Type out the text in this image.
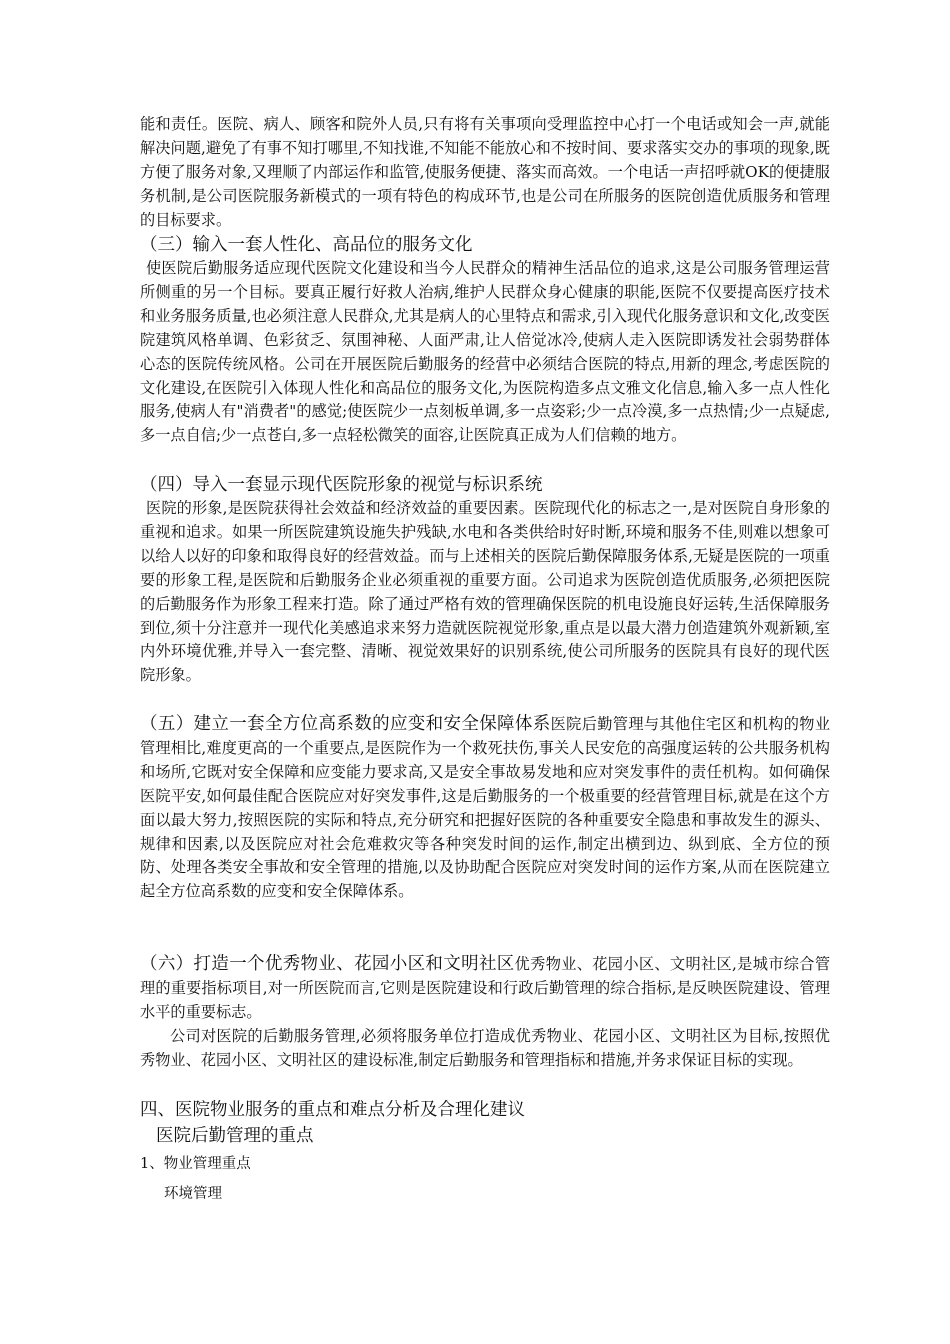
能和责任。医院、病人、顾客和院外人员,只有将有关事项向受理监控中心打一个电话或知会一声,就能解决问题,避免了有事不知打哪里,不知找谁,不知能不能放心和不按时间、要求落实交办的事项的现象,既方便了服务对象,又理顺了内部运作和监管,使服务便捷、落实而高效。一个电话一声招呼就OK的便捷服务机制,是公司医院服务新模式的一项有特色的构成环节,也是公司在所服务的医院创造优质服务和管理的目标要求。

（三）输入一套人性化、高品位的服务文化

使医院后勤服务适应现代医院文化建设和当今人民群众的精神生活品位的追求,这是公司服务管理运营所侧重的另一个目标。要真正履行好救人治病,维护人民群众身心健康的职能,医院不仅要提高医疗技术和业务服务质量,也必须注意人民群众,尤其是病人的心里特点和需求,引入现代化服务意识和文化,改变医院建筑风格单调、色彩贫乏、氛围神秘、人面严肃,让人倍觉冰冷,使病人走入医院即诱发社会弱势群体心态的医院传统风格。公司在开展医院后勤服务的经营中必须结合医院的特点,用新的理念,考虑医院的文化建设,在医院引入体现人性化和高品位的服务文化,为医院构造多点文雅文化信息,输入多一点人性化服务,使病人有"消费者"的感觉;使医院少一点刻板单调,多一点姿彩;少一点冷漠,多一点热情;少一点疑虑,多一点自信;少一点苍白,多一点轻松微笑的面容,让医院真正成为人们信赖的地方。

（四）导入一套显示现代医院形象的视觉与标识系统

医院的形象,是医院获得社会效益和经济效益的重要因素。医院现代化的标志之一,是对医院自身形象的重视和追求。如果一所医院建筑设施失护残缺,水电和各类供给时好时断,环境和服务不佳,则难以想象可以给人以好的印象和取得良好的经营效益。而与上述相关的医院后勤保障服务体系,无疑是医院的一项重要的形象工程,是医院和后勤服务企业必须重视的重要方面。公司追求为医院创造优质服务,必须把医院的后勤服务作为形象工程来打造。除了通过严格有效的管理确保医院的机电设施良好运转,生活保障服务到位,须十分注意并一现代化美感追求来努力造就医院视觉形象,重点是以最大潜力创造建筑外观新颖,室内外环境优雅,并导入一套完整、清晰、视觉效果好的识别系统,使公司所服务的医院具有良好的现代医院形象。

（五）建立一套全方位高系数的应变和安全保障体系医院后勤管理与其他住宅区和机构的物业管理相比,难度更高的一个重要点,是医院作为一个救死扶伤,事关人民安危的高强度运转的公共服务机构和场所,它既对安全保障和应变能力要求高,又是安全事故易发地和应对突发事件的责任机构。如何确保医院平安,如何最佳配合医院应对好突发事件,这是后勤服务的一个极重要的经营管理目标,就是在这个方面以最大努力,按照医院的实际和特点,充分研究和把握好医院的各种重要安全隐患和事故发生的源头、规律和因素,以及医院应对社会危难救灾等各种突发时间的运作,制定出横到边、纵到底、全方位的预防、处理各类安全事故和安全管理的措施,以及协助配合医院应对突发时间的运作方案,从而在医院建立起全方位高系数的应变和安全保障体系。

（六）打造一个优秀物业、花园小区和文明社区优秀物业、花园小区、文明社区,是城市综合管理的重要指标项目,对一所医院而言,它则是医院建设和行政后勤管理的综合指标,是反映医院建设、管理水平的重要标志。

公司对医院的后勤服务管理,必须将服务单位打造成优秀物业、花园小区、文明社区为目标,按照优秀物业、花园小区、文明社区的建设标准,制定后勤服务和管理指标和措施,并务求保证目标的实现。

四、医院物业服务的重点和难点分析及合理化建议

医院后勤管理的重点

1、物业管理重点

环境管理
